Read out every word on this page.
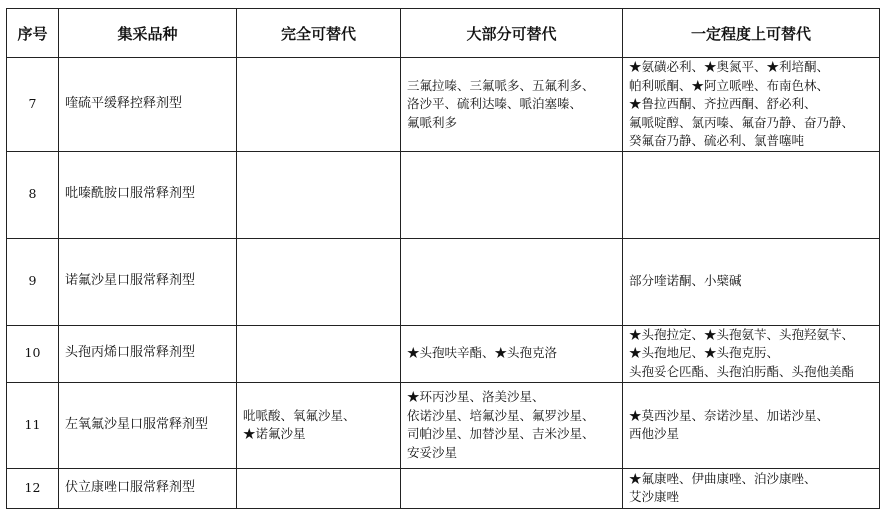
序号	集采品种	完全可替代	大部分可替代	一定程度上可替代
7	喹硫平缓释控释剂型		三氟拉嗪、三氟哌多、五氟利多、
洛沙平、硫利达嗪、哌泊塞嗪、
氟哌利多	★氨磺必利、★奥氮平、★利培酮、
帕利哌酮、★阿立哌唑、布南色林、
★鲁拉西酮、齐拉西酮、舒必利、
氟哌啶醇、氯丙嗪、氟奋乃静、奋乃静、
癸氟奋乃静、硫必利、氯普噻吨

8	吡嗪酰胺口服常释剂型			
9	诺氟沙星口服常释剂型			部分喹诺酮、小檗碱

10	头孢丙烯口服常释剂型		★头孢呋辛酯、★头孢克洛	★头孢拉定、★头孢氨苄、头孢羟氨苄、
★头孢地尼、★头孢克肟、
头孢妥仑匹酯、头孢泊肟酯、头孢他美酯

11	左氧氟沙星口服常释剂型	吡哌酸、氧氟沙星、
★诺氟沙星	★环丙沙星、洛美沙星、
依诺沙星、培氟沙星、氟罗沙星、
司帕沙星、加替沙星、吉米沙星、
安妥沙星	★莫西沙星、奈诺沙星、加诺沙星、
西他沙星

12	伏立康唑口服常释剂型			★氟康唑、伊曲康唑、泊沙康唑、
艾沙康唑
